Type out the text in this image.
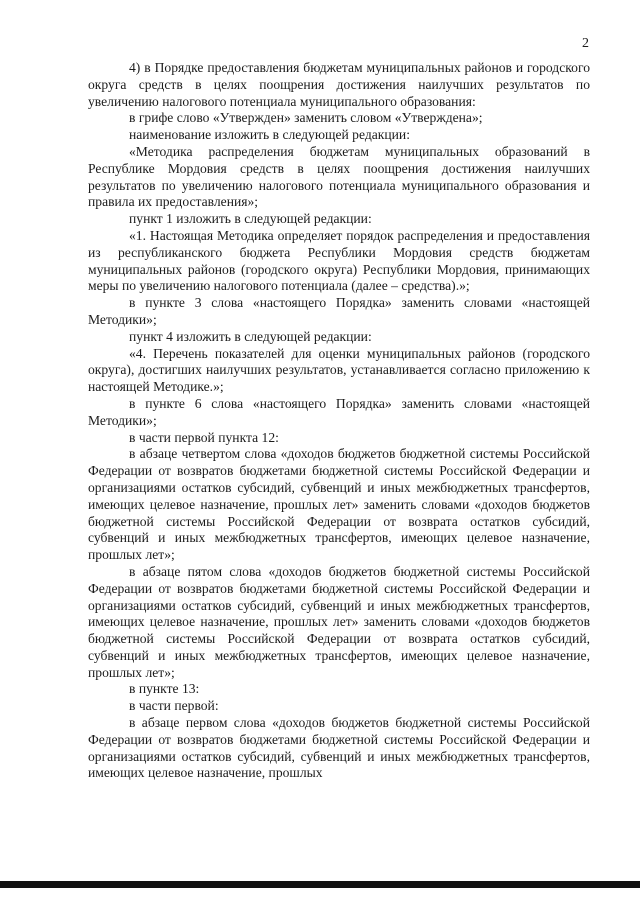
2

4) в Порядке предоставления бюджетам муниципальных районов и городского округа средств в целях поощрения достижения наилучших результатов по увеличению налогового потенциала муниципального образования:

в грифе слово «Утвержден» заменить словом «Утверждена»;

наименование изложить в следующей редакции:

«Методика распределения бюджетам муниципальных образований в Республике Мордовия средств в целях поощрения достижения наилучших результатов по увеличению налогового потенциала муниципального образования и правила их предоставления»;

пункт 1 изложить в следующей редакции:

«1. Настоящая Методика определяет порядок распределения и предоставления из республиканского бюджета Республики Мордовия средств бюджетам муниципальных районов (городского округа) Республики Мордовия, принимающих меры по увеличению налогового потенциала (далее – средства).»;

в пункте 3 слова «настоящего Порядка» заменить словами «настоящей Методики»;

пункт 4 изложить в следующей редакции:

«4. Перечень показателей для оценки муниципальных районов (городского округа), достигших наилучших результатов, устанавливается согласно приложению к настоящей Методике.»;

в пункте 6 слова «настоящего Порядка» заменить словами «настоящей Методики»;

в части первой пункта 12:

в абзаце четвертом слова «доходов бюджетов бюджетной системы Российской Федерации от возвратов бюджетами бюджетной системы Российской Федерации и организациями остатков субсидий, субвенций и иных межбюджетных трансфертов, имеющих целевое назначение, прошлых лет» заменить словами «доходов бюджетов бюджетной системы Российской Федерации от возврата остатков субсидий, субвенций и иных межбюджетных трансфертов, имеющих целевое назначение, прошлых лет»;

в абзаце пятом слова «доходов бюджетов бюджетной системы Российской Федерации от возвратов бюджетами бюджетной системы Российской Федерации и организациями остатков субсидий, субвенций и иных межбюджетных трансфертов, имеющих целевое назначение, прошлых лет» заменить словами «доходов бюджетов бюджетной системы Российской Федерации от возврата остатков субсидий, субвенций и иных межбюджетных трансфертов, имеющих целевое назначение, прошлых лет»;

в пункте 13:

в части первой:

в абзаце первом слова «доходов бюджетов бюджетной системы Российской Федерации от возвратов бюджетами бюджетной системы Российской Федерации и организациями остатков субсидий, субвенций и иных межбюджетных трансфертов, имеющих целевое назначение, прошлых
